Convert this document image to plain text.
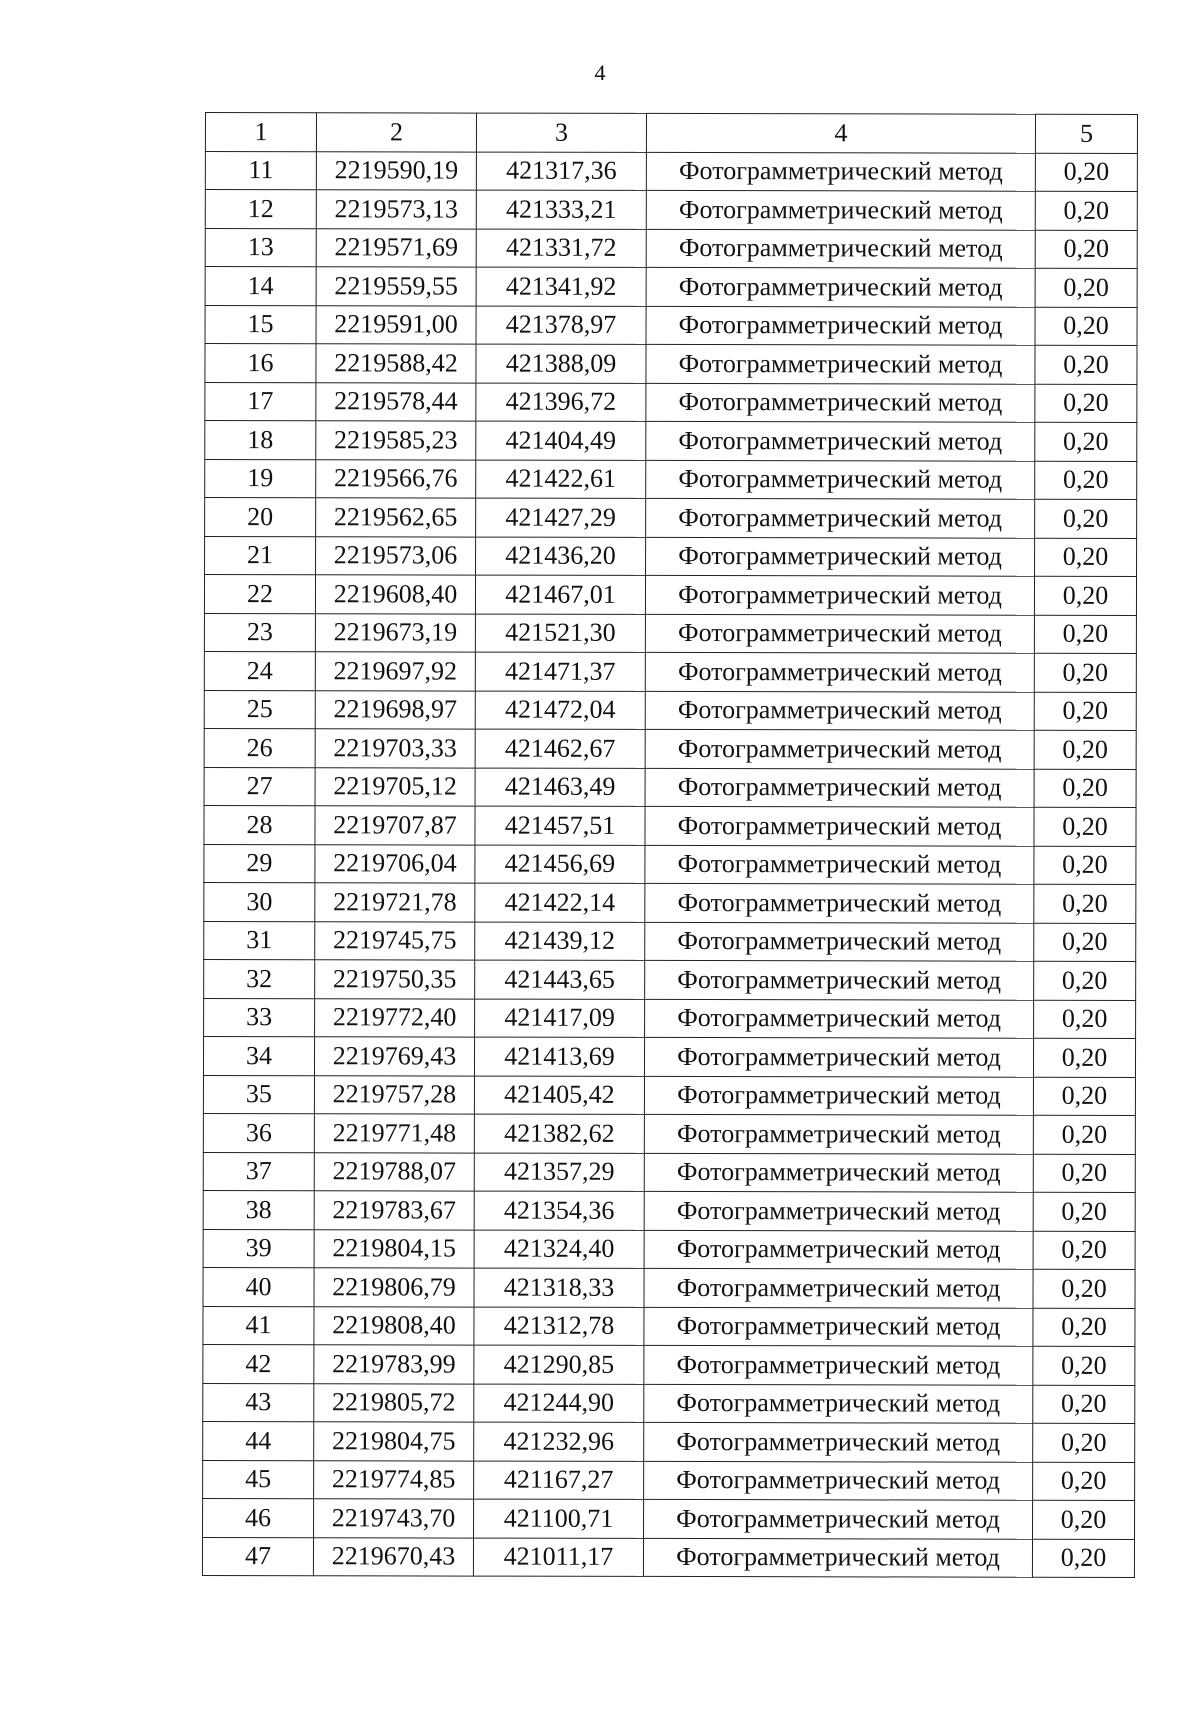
4
1	2	3	4	5
11	2219590,19	421317,36	Фотограмметрический метод	0,20
12	2219573,13	421333,21	Фотограмметрический метод	0,20
13	2219571,69	421331,72	Фотограмметрический метод	0,20
14	2219559,55	421341,92	Фотограмметрический метод	0,20
15	2219591,00	421378,97	Фотограмметрический метод	0,20
16	2219588,42	421388,09	Фотограмметрический метод	0,20
17	2219578,44	421396,72	Фотограмметрический метод	0,20
18	2219585,23	421404,49	Фотограмметрический метод	0,20
19	2219566,76	421422,61	Фотограмметрический метод	0,20
20	2219562,65	421427,29	Фотограмметрический метод	0,20
21	2219573,06	421436,20	Фотограмметрический метод	0,20
22	2219608,40	421467,01	Фотограмметрический метод	0,20
23	2219673,19	421521,30	Фотограмметрический метод	0,20
24	2219697,92	421471,37	Фотограмметрический метод	0,20
25	2219698,97	421472,04	Фотограмметрический метод	0,20
26	2219703,33	421462,67	Фотограмметрический метод	0,20
27	2219705,12	421463,49	Фотограмметрический метод	0,20
28	2219707,87	421457,51	Фотограмметрический метод	0,20
29	2219706,04	421456,69	Фотограмметрический метод	0,20
30	2219721,78	421422,14	Фотограмметрический метод	0,20
31	2219745,75	421439,12	Фотограмметрический метод	0,20
32	2219750,35	421443,65	Фотограмметрический метод	0,20
33	2219772,40	421417,09	Фотограмметрический метод	0,20
34	2219769,43	421413,69	Фотограмметрический метод	0,20
35	2219757,28	421405,42	Фотограмметрический метод	0,20
36	2219771,48	421382,62	Фотограмметрический метод	0,20
37	2219788,07	421357,29	Фотограмметрический метод	0,20
38	2219783,67	421354,36	Фотограмметрический метод	0,20
39	2219804,15	421324,40	Фотограмметрический метод	0,20
40	2219806,79	421318,33	Фотограмметрический метод	0,20
41	2219808,40	421312,78	Фотограмметрический метод	0,20
42	2219783,99	421290,85	Фотограмметрический метод	0,20
43	2219805,72	421244,90	Фотограмметрический метод	0,20
44	2219804,75	421232,96	Фотограмметрический метод	0,20
45	2219774,85	421167,27	Фотограмметрический метод	0,20
46	2219743,70	421100,71	Фотограмметрический метод	0,20
47	2219670,43	421011,17	Фотограмметрический метод	0,20
